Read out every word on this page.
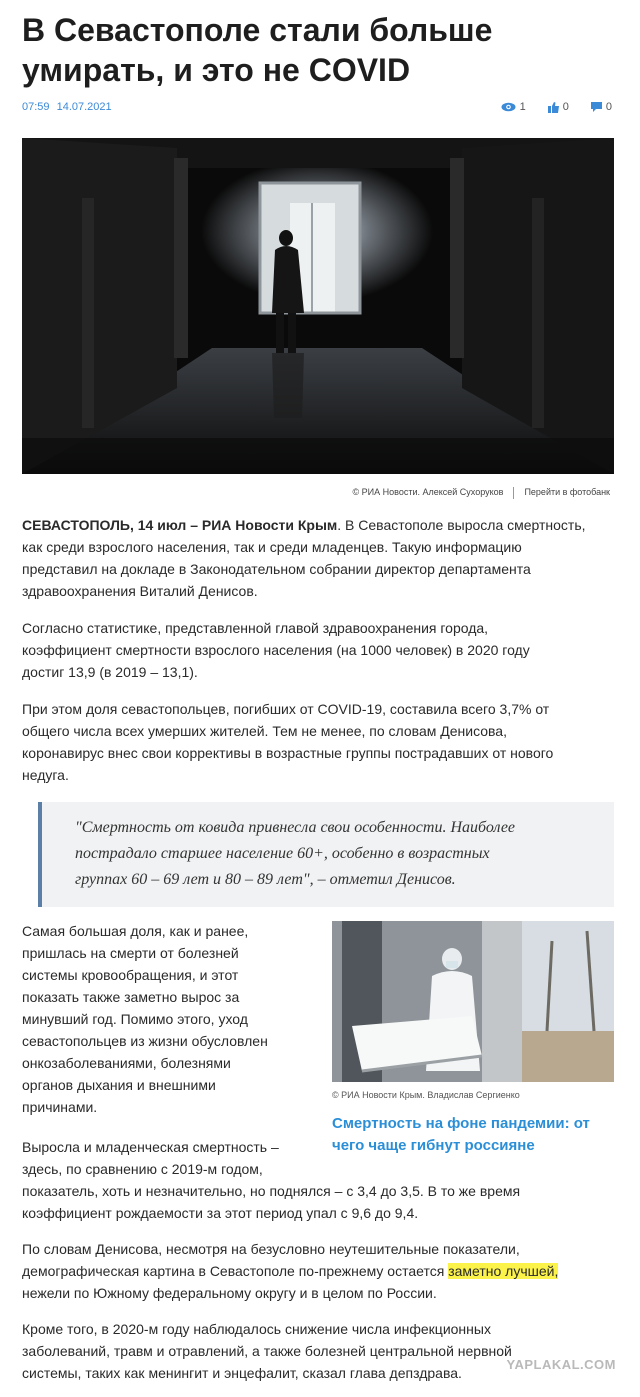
В Севастополе стали больше умирать, и это не COVID
07:59 14.07.2021	1	0	0
© РИА Новости. Алексей Сухоруков Перейти в фотобанк
СЕВАСТОПОЛЬ, 14 июл – РИА Новости Крым. В Севастополе выросла смертность,
как среди взрослого населения, так и среди младенцев. Такую информацию
представил на докладе в Законодательном собрании директор департамента
здравоохранения Виталий Денисов.
Согласно статистике, представленной главой здравоохранения города,
коэффициент смертности взрослого населения (на 1000 человек) в 2020 году
достиг 13,9 (в 2019 – 13,1).
При этом доля севастопольцев, погибших от COVID-19, составила всего 3,7% от
общего числа всех умерших жителей. Тем не менее, по словам Денисова,
коронавирус внес свои коррективы в возрастные группы пострадавших от нового
недуга.
"Смертность от ковида привнесла свои особенности. Наиболее
пострадало старшее население 60+, особенно в возрастных
группах 60 – 69 лет и 80 – 89 лет", – отметил Денисов.
Самая большая доля, как и ранее,
пришлась на смерти от болезней
системы кровообращения, и этот
показать также заметно вырос за
минувший год. Помимо этого, уход
севастопольцев из жизни обусловлен
онкозаболеваниями, болезнями
органов дыхания и внешними
причинами.
© РИА Новости Крым. Владислав Сергиенко
Смертность на фоне пандемии: от
чего чаще гибнут россияне
Выросла и младенческая смертность –
здесь, по сравнению с 2019-м годом,
показатель, хоть и незначительно, но поднялся – с 3,4 до 3,5. В то же время
коэффициент рождаемости за этот период упал с 9,6 до 9,4.
По словам Денисова, несмотря на безусловно неутешительные показатели,
демографическая картина в Севастополе по-прежнему остается заметно лучшей,
нежели по Южному федеральному округу и в целом по России.
Кроме того, в 2020-м году наблюдалось снижение числа инфекционных
заболеваний, травм и отравлений, а также болезней центральной нервной
системы, таких как менингит и энцефалит, сказал глава депздрава.
YAPLAKAL.COM
